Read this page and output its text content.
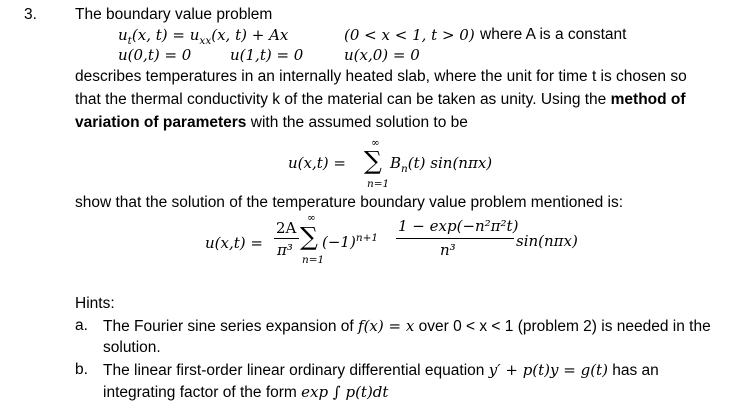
3. The boundary value problem
$u_t(x$, $t) = u_{xx}(x$, t) + Ax	(0 < x < 1, t > 0) where A is a constant
u(0,t) = 0	u(1,t) = 0	u(x,0) = 0
describes temperatures in an internally heated slab, where the unit for time t is chosen so
that the thermal conductivity k of the material can be taken as unity. Using the method of
variation of parameters with the assumed solution to be
u(x,t) =
∞
∑
n=1
$B_n(t)$ sin(nπx)
show that the solution of the temperature boundary value problem mentioned is:
u(x,t) =
2A
π³
∞
∑
n=1
$(-1)^{n+1}$
1 − exp(−n²π²t)
n³	sin(nπx)
Hints:
a. The Fourier sine series expansion of f(x) = x over 0 < x < 1 (problem 2) is needed in the
solution.
b. The linear first-order linear ordinary differential equation y′ + p(t)y = g(t) has an
integrating factor of the form exp ∫ p(t)dt
